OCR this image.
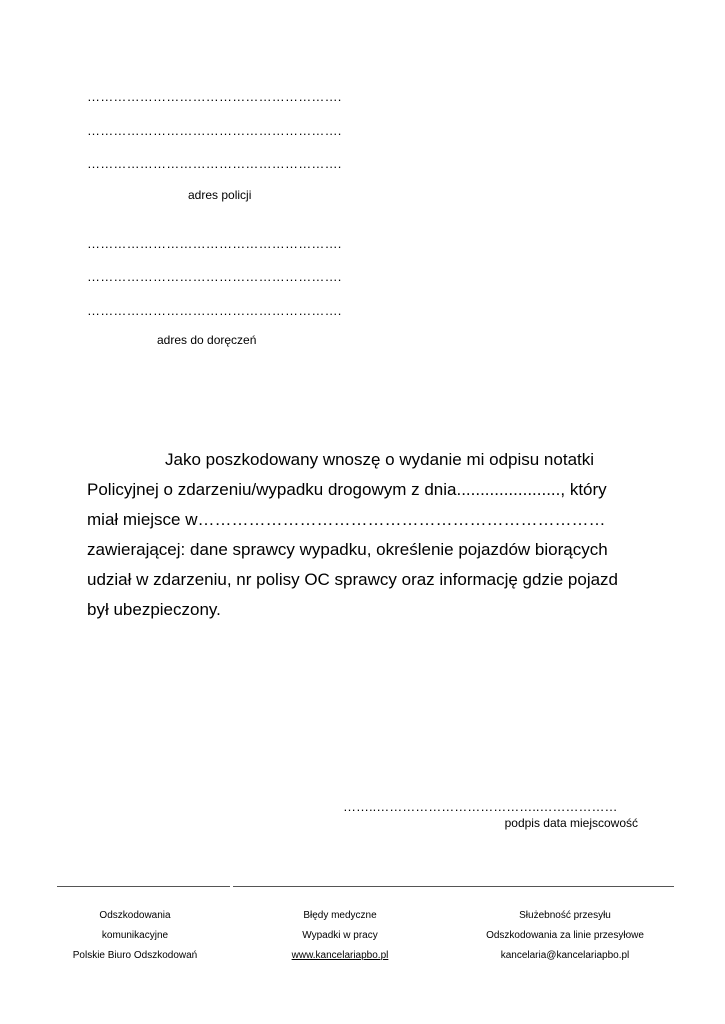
………………………………………………….
………………………………………………….
………………………………………………….
adres policji
………………………………………………….
………………………………………………….
………………………………………………….
adres do doręczeń
Jako poszkodowany wnoszę o wydanie mi odpisu notatki
Policyjnej o zdarzeniu/wypadku drogowym z dnia......................, który
miał miejsce w………………………………………………………………
zawierającej: dane sprawcy wypadku, określenie pojazdów biorących
udział w zdarzeniu, nr polisy OC sprawcy oraz informację gdzie pojazd
był ubezpieczony.
……..………………………………..………………
podpis data miejscowość
Odszkodowania
komunikacyjne
Polskie Biuro Odszkodowań
Błędy medyczne
Wypadki w pracy
www.kancelariapbo.pl
Służebność przesyłu
Odszkodowania za linie przesyłowe
kancelaria@kancelariapbo.pl
